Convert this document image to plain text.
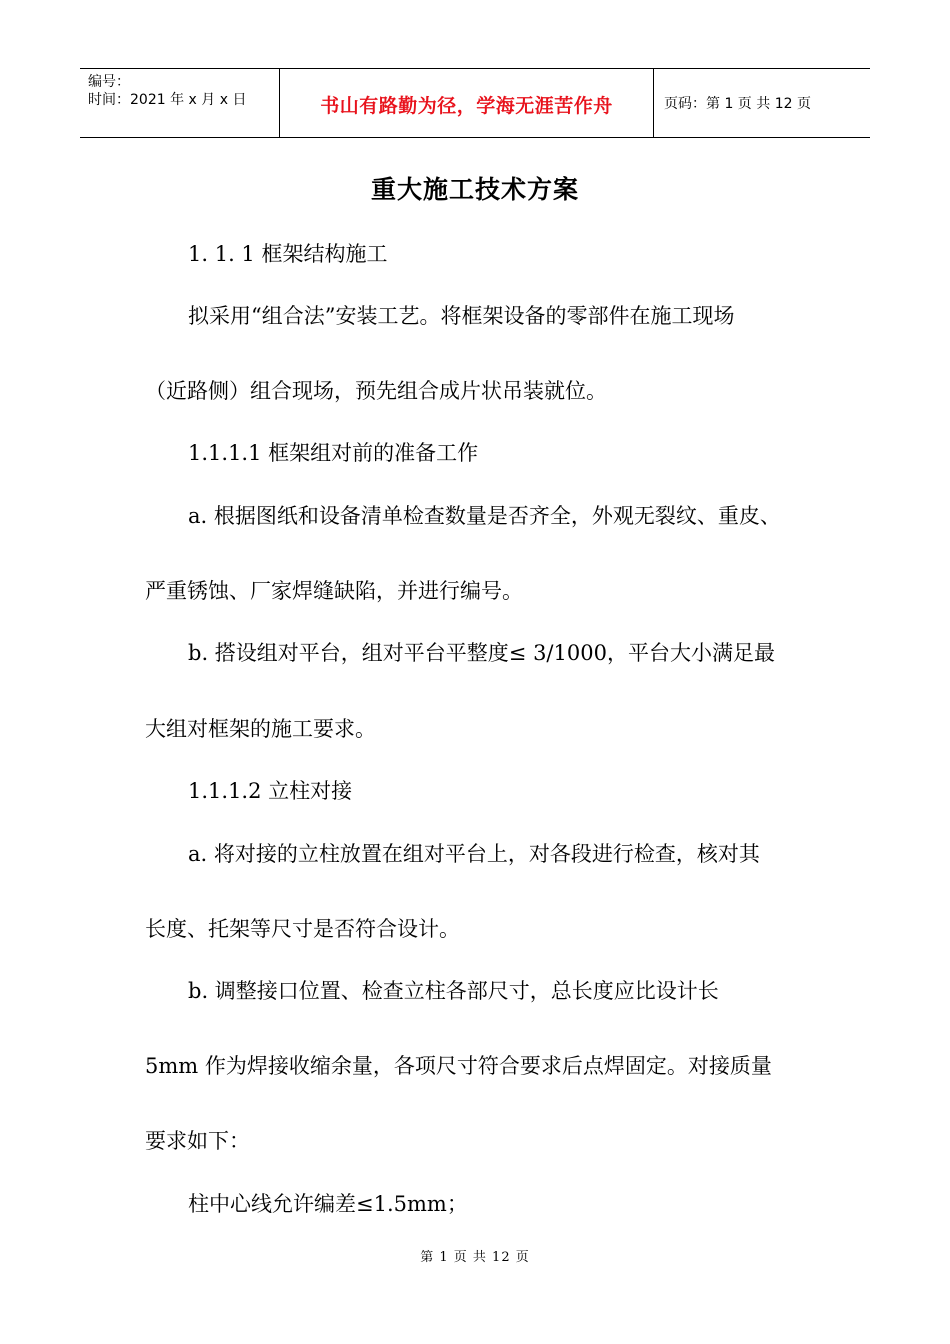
编号：
时间：2021 年 x 月 x 日	书山有路勤为径，学海无涯苦作舟	页码：第 1 页 共 12 页
重大施工技术方案
1. 1. 1 框架结构施工
拟采用“组合法”安装工艺。将框架设备的零部件在施工现场
（近路侧）组合现场，预先组合成片状吊装就位。
1.1.1.1 框架组对前的准备工作
a. 根据图纸和设备清单检查数量是否齐全，外观无裂纹、重皮、
严重锈蚀、厂家焊缝缺陷，并进行编号。
b. 搭设组对平台，组对平台平整度≤ 3/1000，平台大小满足最
大组对框架的施工要求。
1.1.1.2 立柱对接
a. 将对接的立柱放置在组对平台上，对各段进行检查，核对其
长度、托架等尺寸是否符合设计。
b. 调整接口位置、检查立柱各部尺寸，总长度应比设计长
5mm 作为焊接收缩余量，各项尺寸符合要求后点焊固定。对接质量
要求如下：
柱中心线允许编差≤1.5mm；
第 1 页 共 12 页
